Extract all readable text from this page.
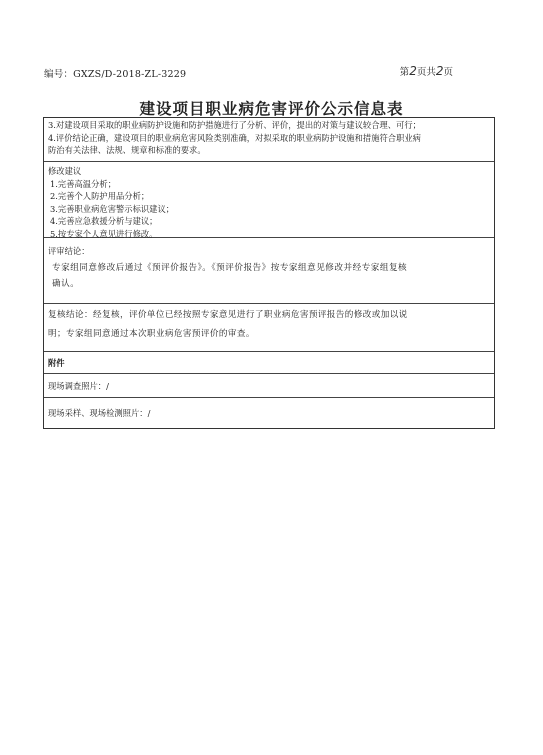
编号：GXZS/D-2018-ZL-3229	第2页共2页
建设项目职业病危害评价公示信息表
3.对建设项目采取的职业病防护设施和防护措施进行了分析、评价，提出的对策与建议较合理、可行；
4.评价结论正确，建设项目的职业病危害风险类别准确，对拟采取的职业病防护设施和措施符合职业病
防治有关法律、法规、规章和标准的要求。
修改建议
1.完善高温分析；
2.完善个人防护用品分析；
3.完善职业病危害警示标识建议；
4.完善应急救援分析与建议；
5.按专家个人意见进行修改。
评审结论：
专家组同意修改后通过《预评价报告》。《预评价报告》按专家组意见修改并经专家组复核
确认。
复核结论：经复核，评价单位已经按照专家意见进行了职业病危害预评报告的修改或加以说
明；专家组同意通过本次职业病危害预评价的审查。
附件
现场调查照片：/
现场采样、现场检测照片：/
